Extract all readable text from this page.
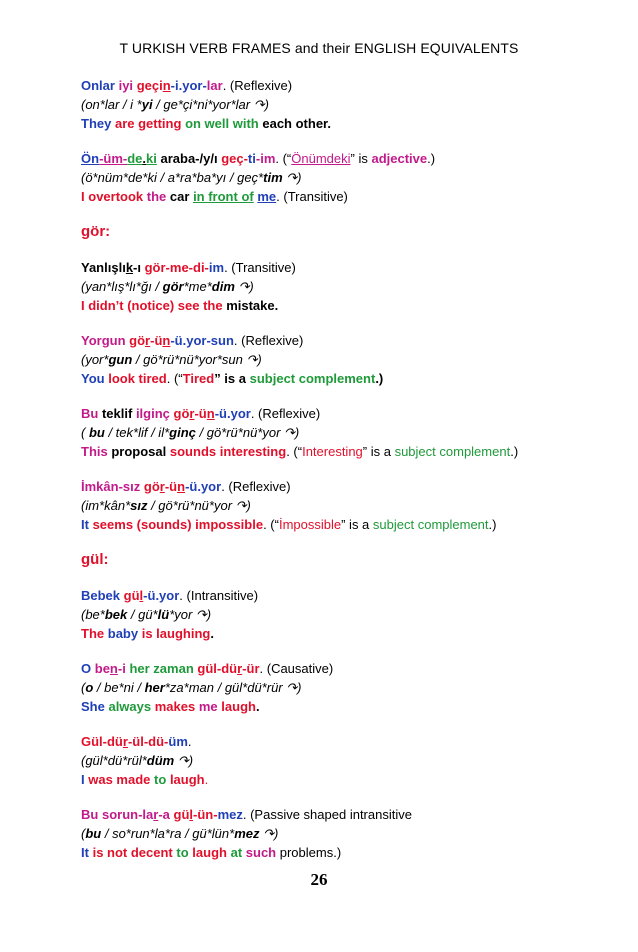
T URKISH VERB FRAMES and their ENGLISH EQUIVALENTS
Onlar iyi geçin-i.yor-lar. (Reflexive)
(on*lar / i *yi / ge*çi*ni*yor*lar ↷)
They are getting on well with each other.
Ön-üm-de.ki araba-/y/ı geç-ti-im. (“Önümdeki” is adjective.)
(ö*nüm*de*ki / a*ra*ba*yı / geç*tim ↷)
I overtook the car in front of me. (Transitive)
gör:
Yanlışlık-ı gör-me-di-im. (Transitive)
(yan*lış*lı*ğı / gör*me*dim ↷)
I didn’t (notice) see the mistake.
Yorgun gör-ün-ü.yor-sun. (Reflexive)
(yor*gun / gö*rü*nü*yor*sun ↷)
You look tired. (“Tired” is a subject complement.)
Bu teklif ilginç gör-ün-ü.yor. (Reflexive)
( bu / tek*lif / il*ginç / gö*rü*nü*yor ↷)
This proposal sounds interesting. (“Interesting” is a subject complement.)
İmkân-sız gör-ün-ü.yor. (Reflexive)
(im*kân*sız / gö*rü*nü*yor ↷)
It seems (sounds) impossible. (“İmpossible” is a subject complement.)
gül:
Bebek gül-ü.yor. (Intransitive)
(be*bek / gü*lü*yor ↷)
The baby is laughing.
O ben-i her zaman gül-dür-ür. (Causative)
(o / be*ni / her*za*man / gül*dü*rür ↷)
She always makes me laugh.
Gül-dür-ül-dü-üm.
(gül*dü*rül*düm ↷)
I was made to laugh.
Bu sorun-lar-a gül-ün-mez. (Passive shaped intransitive
(bu / so*run*la*ra / gü*lün*mez ↷)
It is not decent to laugh at such problems.)
26
